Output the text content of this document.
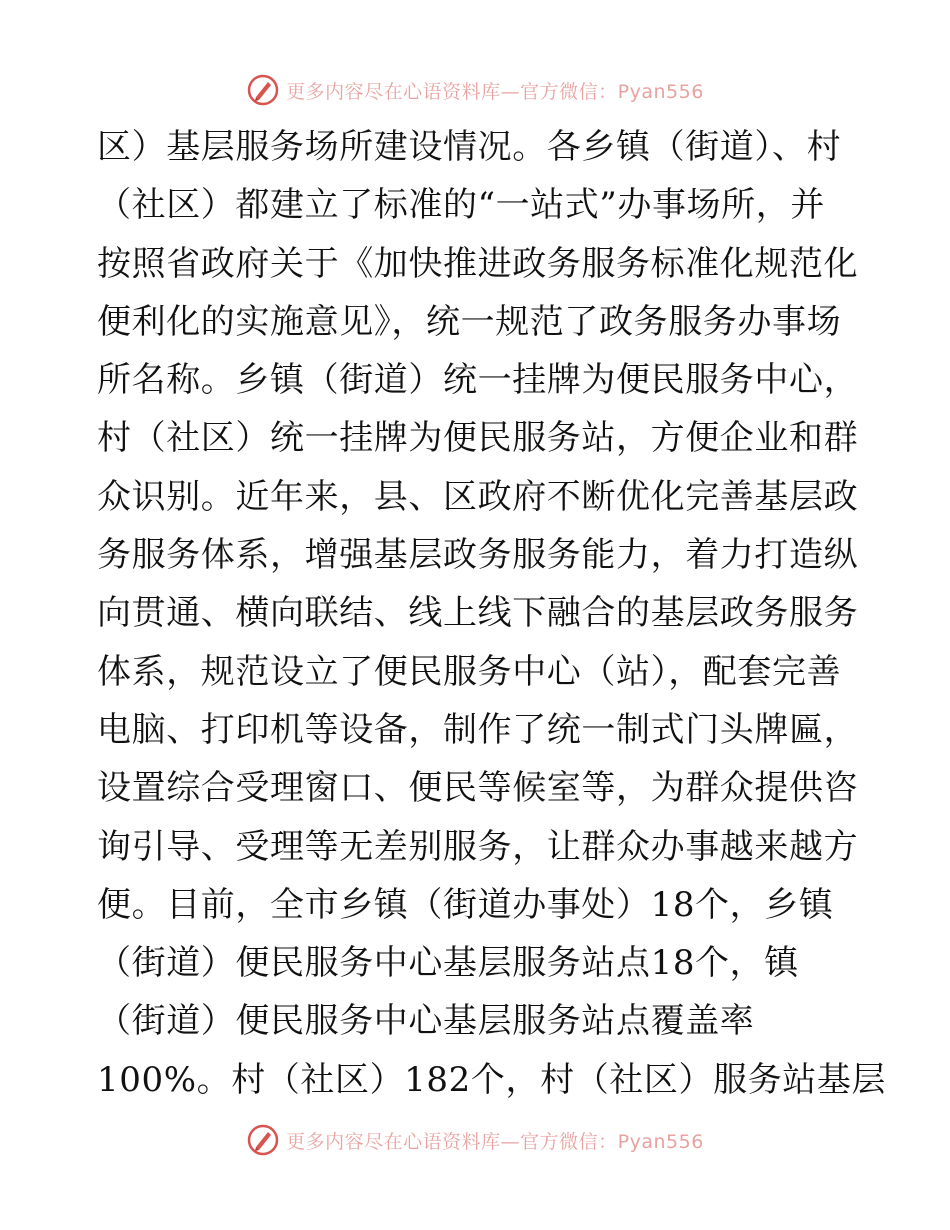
更多内容尽在心语资料库—官方微信：Pyan556
区）基层服务场所建设情况。各乡镇（街道）、村
（社区）都建立了标准的“一站式”办事场所，并
按照省政府关于《加快推进政务服务标准化规范化
便利化的实施意见》，统一规范了政务服务办事场
所名称。乡镇（街道）统一挂牌为便民服务中心，
村（社区）统一挂牌为便民服务站，方便企业和群
众识别。近年来，县、区政府不断优化完善基层政
务服务体系，增强基层政务服务能力，着力打造纵
向贯通、横向联结、线上线下融合的基层政务服务
体系，规范设立了便民服务中心（站），配套完善
电脑、打印机等设备，制作了统一制式门头牌匾，
设置综合受理窗口、便民等候室等，为群众提供咨
询引导、受理等无差别服务，让群众办事越来越方
便。目前，全市乡镇（街道办事处）18个，乡镇
（街道）便民服务中心基层服务站点18个，镇
（街道）便民服务中心基层服务站点覆盖率
100%。村（社区）182个，村（社区）服务站基层
更多内容尽在心语资料库—官方微信：Pyan556
